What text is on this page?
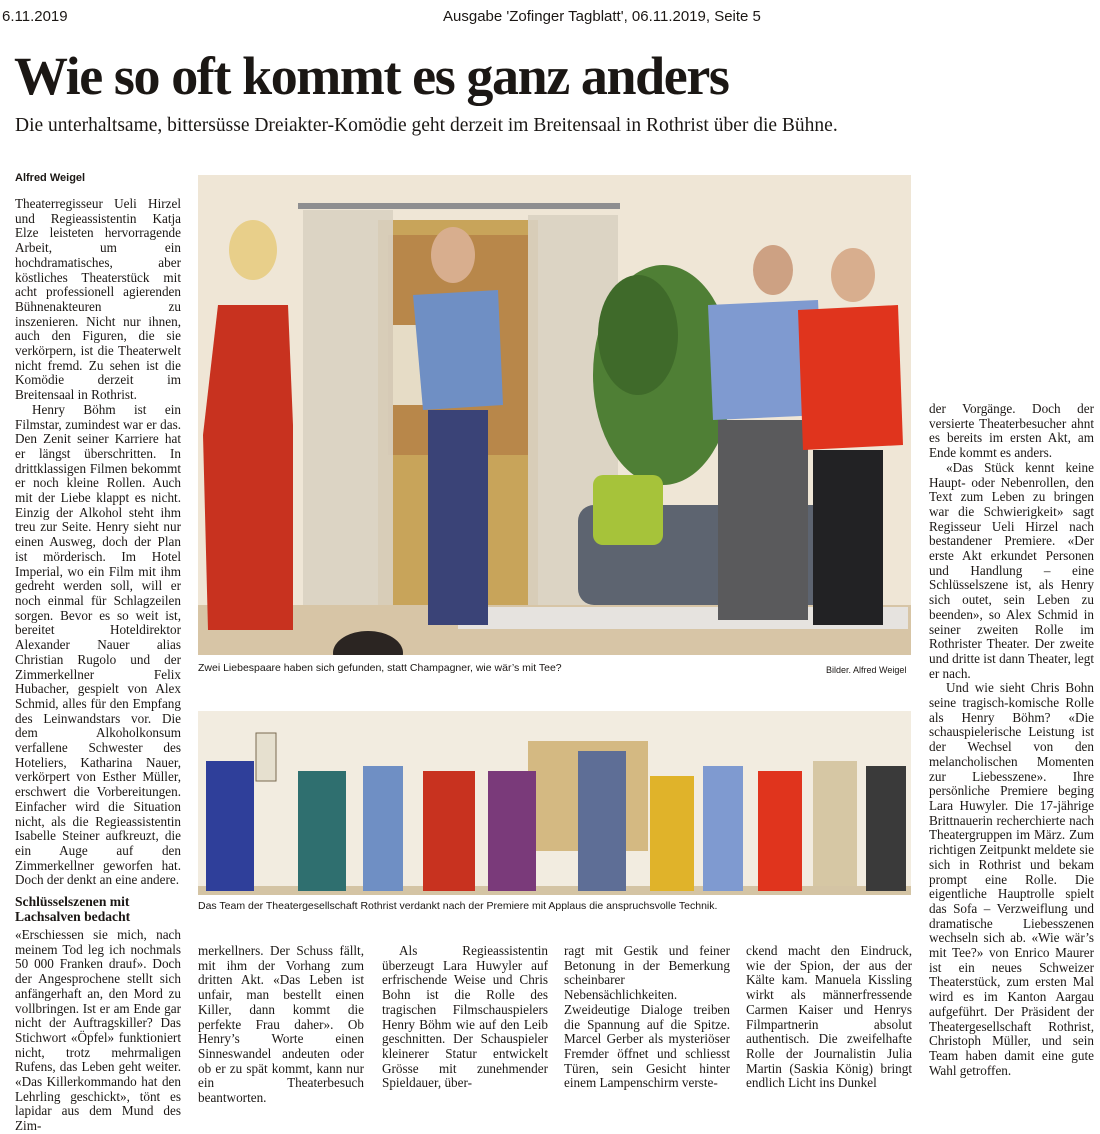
6.11.2019	Ausgabe 'Zofinger Tagblatt', 06.11.2019, Seite 5
Wie so oft kommt es ganz anders
Die unterhaltsame, bittersüsse Dreiakter-Komödie geht derzeit im Breitensaal in Rothrist über die Bühne.
Alfred Weigel

Theaterregisseur Ueli Hirzel und Regieassistentin Katja Elze leisteten hervorragende Arbeit, um ein hochdramatisches, aber köstliches Theaterstück mit acht professionell agierenden Bühnenakteuren zu inszenieren. Nicht nur ihnen, auch den Figuren, die sie verkörpern, ist die Theaterwelt nicht fremd. Zu sehen ist die Komödie derzeit im Breitensaal in Rothrist.

Henry Böhm ist ein Filmstar, zumindest war er das. Den Zenit seiner Karriere hat er längst überschritten. In drittklassigen Filmen bekommt er noch kleine Rollen. Auch mit der Liebe klappt es nicht. Einzig der Alkohol steht ihm treu zur Seite. Henry sieht nur einen Ausweg, doch der Plan ist mörderisch. Im Hotel Imperial, wo ein Film mit ihm gedreht werden soll, will er noch einmal für Schlagzeilen sorgen. Bevor es so weit ist, bereitet Hoteldirektor Alexander Nauer alias Christian Rugolo und der Zimmerkellner Felix Hubacher, gespielt von Alex Schmid, alles für den Empfang des Leinwandstars vor. Die dem Alkoholkonsum verfallene Schwester des Hoteliers, Katharina Nauer, verkörpert von Esther Müller, erschwert die Vorbereitungen. Einfacher wird die Situation nicht, als die Regieassistentin Isabelle Steiner aufkreuzt, die ein Auge auf den Zimmerkellner geworfen hat. Doch der denkt an eine andere.

Schlüsselszenen mit Lachsalven bedacht

«Erschiessen sie mich, nach meinem Tod leg ich nochmals 50 000 Franken drauf». Doch der Angesprochene stellt sich anfängerhaft an, den Mord zu vollbringen. Ist er am Ende gar nicht der Auftragskiller? Das Stichwort «Öpfel» funktioniert nicht, trotz mehrmaligen Rufens, das Leben geht weiter. «Das Killerkommando hat den Lehrling geschickt», tönt es lapidar aus dem Mund des Zim-

Zwei Liebespaare haben sich gefunden, statt Champagner, wie wär’s mit Tee?	Bilder. Alfred Weigel

der Vorgänge. Doch der versierte Theaterbesucher ahnt es bereits im ersten Akt, am Ende kommt es anders.

«Das Stück kennt keine Haupt- oder Nebenrollen, den Text zum Leben zu bringen war die Schwierigkeit» sagt Regisseur Ueli Hirzel nach bestandener Premiere. «Der erste Akt erkundet Personen und Handlung – eine Schlüsselszene ist, als Henry sich outet, sein Leben zu beenden», so Alex Schmid in seiner zweiten Rolle im Rothrister Theater. Der zweite und dritte ist dann Theater, legt er nach.

Und wie sieht Chris Bohn seine tragisch-komische Rolle als Henry Böhm? «Die schauspielerische Leistung ist der Wechsel von den melancholischen Momenten zur Liebesszene». Ihre persönliche Premiere beging Lara Huwyler. Die 17-jährige Brittnauerin recherchierte nach Theatergruppen im März. Zum richtigen Zeitpunkt meldete sie sich in Rothrist und bekam prompt eine Rolle. Die eigentliche Hauptrolle spielt das Sofa – Verzweiflung und dramatische Liebesszenen wechseln sich ab. «Wie wär’s mit Tee?» von Enrico Maurer ist ein neues Schweizer Theaterstück, zum ersten Mal wird es im Kanton Aargau aufgeführt. Der Präsident der Theatergesellschaft Rothrist, Christoph Müller, und sein Team haben damit eine gute Wahl getroffen.

Das Team der Theatergesellschaft Rothrist verdankt nach der Premiere mit Applaus die anspruchsvolle Technik.

merkellners. Der Schuss fällt, mit ihm der Vorhang zum dritten Akt. «Das Leben ist unfair, man bestellt einen Killer, dann kommt die perfekte Frau daher». Ob Henry’s Worte einen Sinneswandel andeuten oder ob er zu spät kommt, kann nur ein Theaterbesuch beantworten.

Als Regieassistentin überzeugt Lara Huwyler auf erfrischende Weise und Chris Bohn ist die Rolle des tragischen Filmschauspielers Henry Böhm wie auf den Leib geschnitten. Der Schauspieler kleinerer Statur entwickelt Grösse mit zunehmender Spieldauer, über-

ragt mit Gestik und feiner Betonung in der Bemerkung scheinbarer Nebensächlichkeiten. Zweideutige Dialoge treiben die Spannung auf die Spitze. Marcel Gerber als mysteriöser Fremder öffnet und schliesst Türen, sein Gesicht hinter einem Lampenschirm verste-

ckend macht den Eindruck, wie der Spion, der aus der Kälte kam. Manuela Kissling wirkt als männerfressende Carmen Kaiser und Henrys Filmpartnerin absolut authentisch. Die zweifelhafte Rolle der Journalistin Julia Martin (Saskia König) bringt endlich Licht ins Dunkel
